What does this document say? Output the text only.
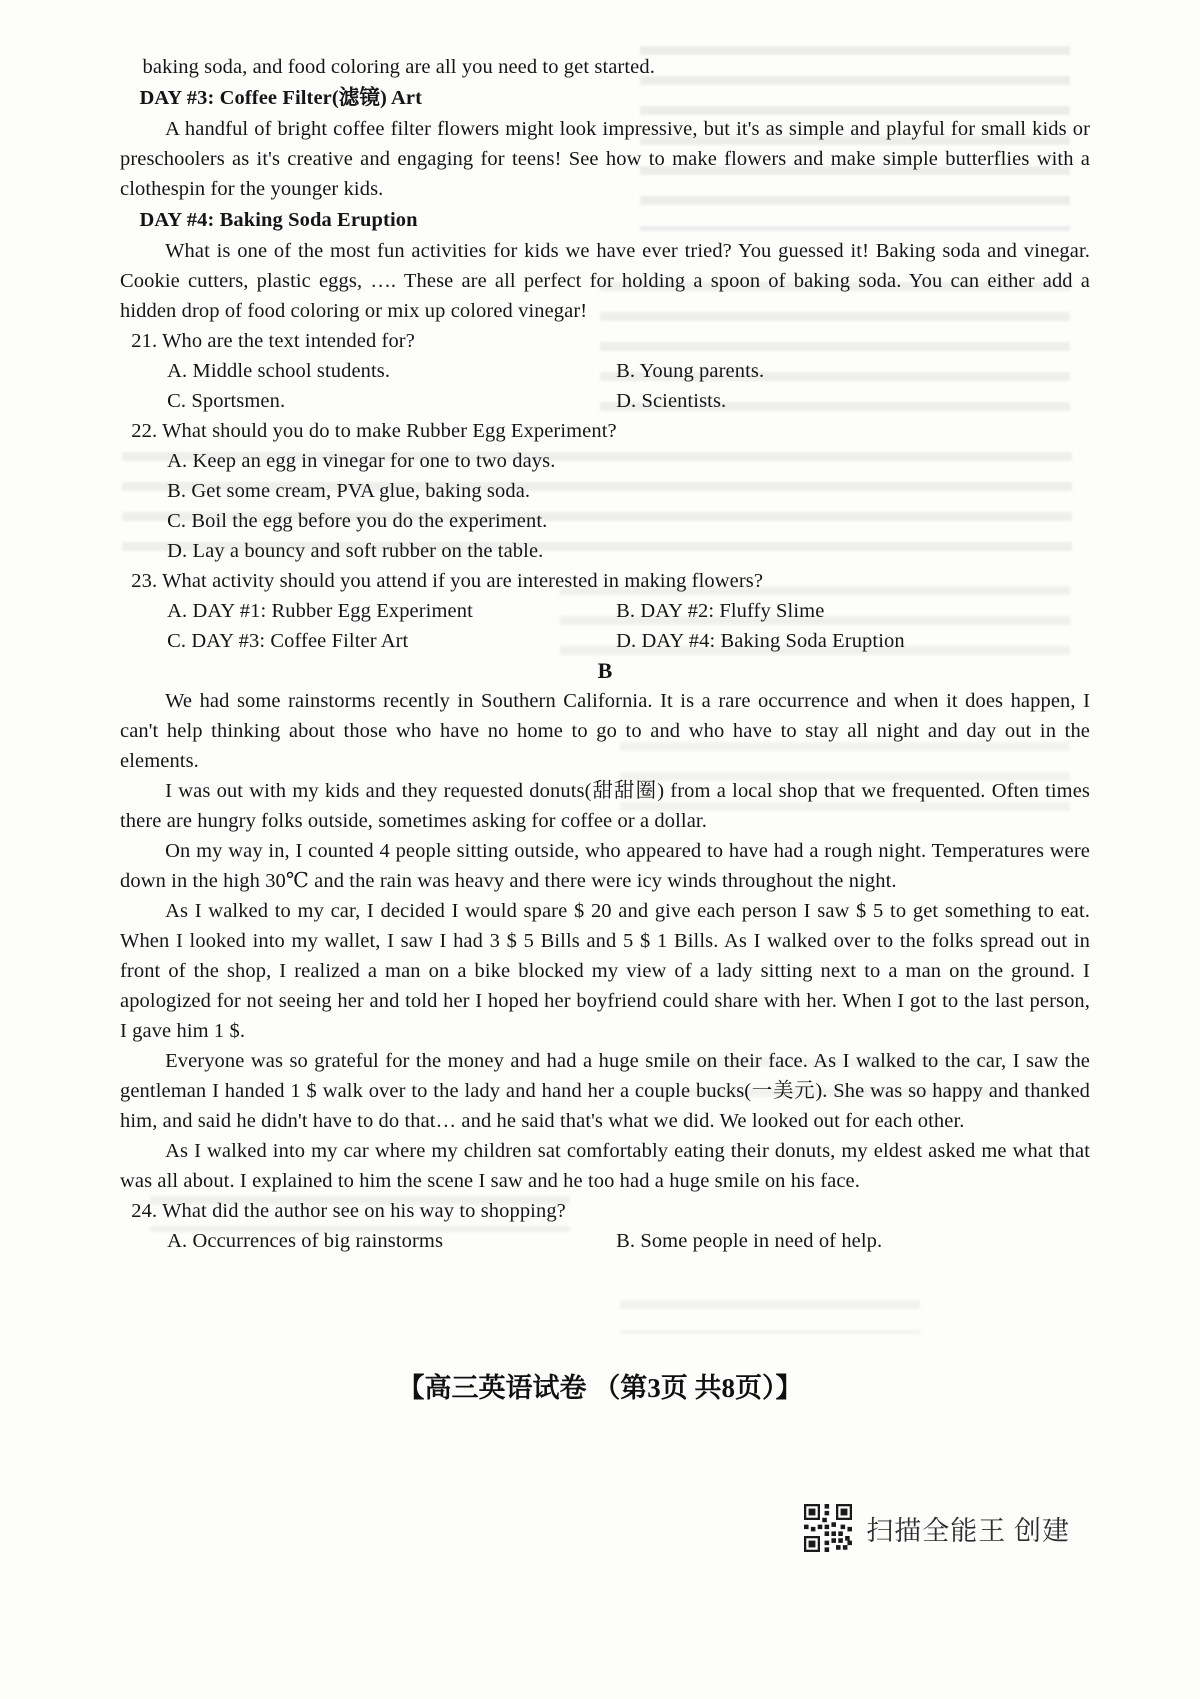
baking soda, and food coloring are all you need to get started.

DAY #3: Coffee Filter(滤镜) Art

A handful of bright coffee filter flowers might look impressive, but it's as simple and playful for small kids or preschoolers as it's creative and engaging for teens! See how to make flowers and make simple butterflies with a clothespin for the younger kids.

DAY #4: Baking Soda Eruption

What is one of the most fun activities for kids we have ever tried? You guessed it! Baking soda and vinegar. Cookie cutters, plastic eggs, …. These are all perfect for holding a spoon of baking soda. You can either add a hidden drop of food coloring or mix up colored vinegar!

21. Who are the text intended for?

A. Middle school students.	B. Young parents.
C. Sportsmen.	D. Scientists.

22. What should you do to make Rubber Egg Experiment?

A. Keep an egg in vinegar for one to two days.
B. Get some cream, PVA glue, baking soda.
C. Boil the egg before you do the experiment.
D. Lay a bouncy and soft rubber on the table.

23. What activity should you attend if you are interested in making flowers?

A. DAY #1: Rubber Egg Experiment	B. DAY #2: Fluffy Slime
C. DAY #3: Coffee Filter Art	D. DAY #4: Baking Soda Eruption

B

We had some rainstorms recently in Southern California. It is a rare occurrence and when it does happen, I can't help thinking about those who have no home to go to and who have to stay all night and day out in the elements.

I was out with my kids and they requested donuts(甜甜圈) from a local shop that we frequented. Often times there are hungry folks outside, sometimes asking for coffee or a dollar.

On my way in, I counted 4 people sitting outside, who appeared to have had a rough night. Temperatures were down in the high 30℃ and the rain was heavy and there were icy winds throughout the night.

As I walked to my car, I decided I would spare $ 20 and give each person I saw $ 5 to get something to eat. When I looked into my wallet, I saw I had 3 $ 5 Bills and 5 $ 1 Bills. As I walked over to the folks spread out in front of the shop, I realized a man on a bike blocked my view of a lady sitting next to a man on the ground. I apologized for not seeing her and told her I hoped her boyfriend could share with her. When I got to the last person, I gave him 1 $.

Everyone was so grateful for the money and had a huge smile on their face. As I walked to the car, I saw the gentleman I handed 1 $ walk over to the lady and hand her a couple bucks(一美元). She was so happy and thanked him, and said he didn't have to do that… and he said that's what we did. We looked out for each other.

As I walked into my car where my children sat comfortably eating their donuts, my eldest asked me what that was all about. I explained to him the scene I saw and he too had a huge smile on his face.

24. What did the author see on his way to shopping?

A. Occurrences of big rainstorms	B. Some people in need of help.

【高三英语试卷 （第3页 共8页）】

扫描全能王 创建
